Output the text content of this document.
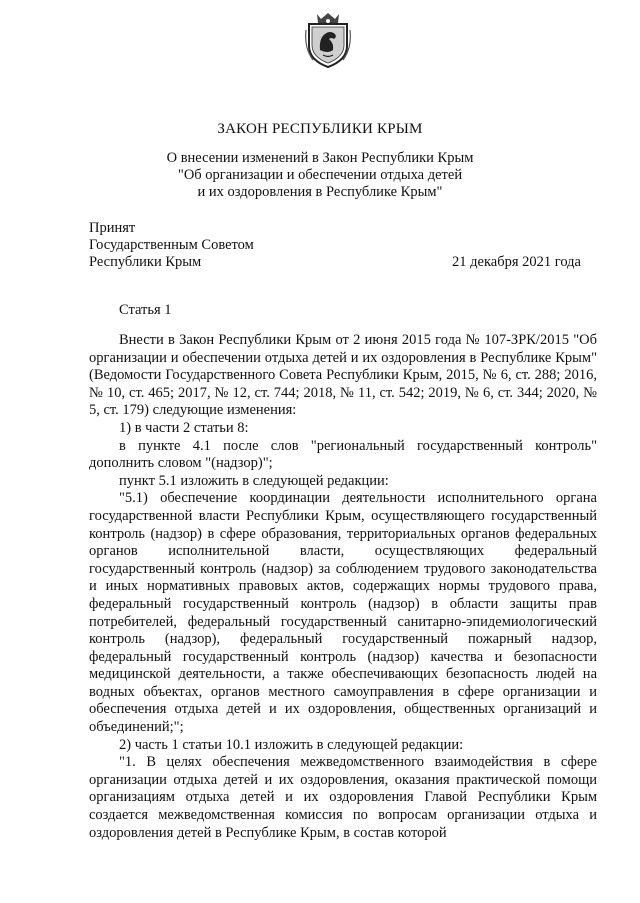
ЗАКОН РЕСПУБЛИКИ КРЫМ
О внесении изменений в Закон Республики Крым
"Об организации и обеспечении отдыха детей
и их оздоровления в Республике Крым"
Принят
Государственным Советом
Республики Крым	21 декабря 2021 года
Статья 1

Внести в Закон Республики Крым от 2 июня 2015 года № 107-ЗРК/2015 "Об организации и обеспечении отдыха детей и их оздоровления в Республике Крым" (Ведомости Государственного Совета Республики Крым, 2015, № 6, ст. 288; 2016, № 10, ст. 465; 2017, № 12, ст. 744; 2018, № 11, ст. 542; 2019, № 6, ст. 344; 2020, № 5, ст. 179) следующие изменения:

1) в части 2 статьи 8:

в пункте 4.1 после слов "региональный государственный контроль" дополнить словом "(надзор)";

пункт 5.1 изложить в следующей редакции:

"5.1) обеспечение координации деятельности исполнительного органа государственной власти Республики Крым, осуществляющего государственный контроль (надзор) в сфере образования, территориальных органов федеральных органов исполнительной власти, осуществляющих федеральный государственный контроль (надзор) за соблюдением трудового законодательства и иных нормативных правовых актов, содержащих нормы трудового права, федеральный государственный контроль (надзор) в области защиты прав потребителей, федеральный государственный санитарно-эпидемиологический контроль (надзор), федеральный государственный пожарный надзор, федеральный государственный контроль (надзор) качества и безопасности медицинской деятельности, а также обеспечивающих безопасность людей на водных объектах, органов местного самоуправления в сфере организации и обеспечения отдыха детей и их оздоровления, общественных организаций и объединений;";

2) часть 1 статьи 10.1 изложить в следующей редакции:

"1. В целях обеспечения межведомственного взаимодействия в сфере организации отдыха детей и их оздоровления, оказания практической помощи организациям отдыха детей и их оздоровления Главой Республики Крым создается межведомственная комиссия по вопросам организации отдыха и оздоровления детей в Республике Крым, в состав которой
